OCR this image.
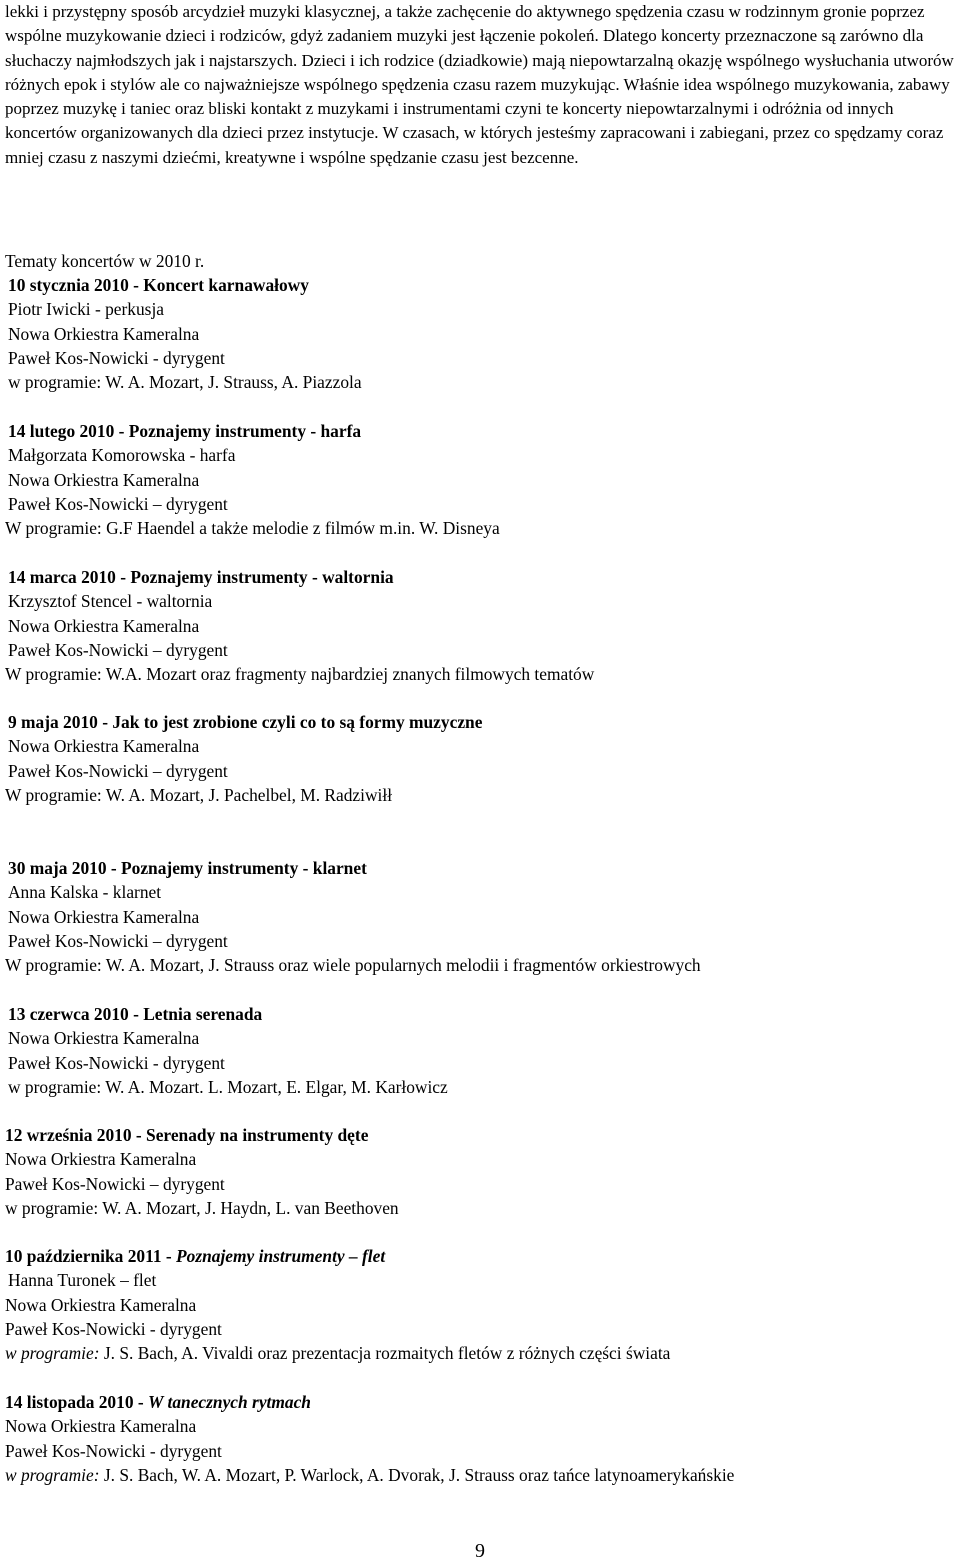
lekki i przystępny sposób arcydzieł muzyki klasycznej, a także zachęcenie do aktywnego spędzenia czasu w rodzinnym gronie poprzez wspólne muzykowanie dzieci i rodziców, gdyż zadaniem muzyki jest łączenie pokoleń. Dlatego koncerty przeznaczone są zarówno dla słuchaczy najmłodszych jak i najstarszych. Dzieci i ich rodzice (dziadkowie) mają niepowtarzalną okazję wspólnego wysłuchania utworów różnych epok i stylów ale co najważniejsze wspólnego spędzenia czasu razem muzykując. Właśnie idea wspólnego muzykowania, zabawy poprzez muzykę i taniec oraz bliski kontakt z muzykami i instrumentami czyni te koncerty niepowtarzalnymi i odróżnia od innych koncertów organizowanych dla dzieci przez instytucje. W czasach, w których jesteśmy zapracowani i zabiegani, przez co spędzamy coraz mniej czasu z naszymi dziećmi, kreatywne i wspólne spędzanie czasu jest bezcenne.

Tematy koncertów w 2010 r.
10 stycznia 2010 - Koncert karnawałowy
Piotr Iwicki - perkusja
Nowa Orkiestra Kameralna
Paweł Kos-Nowicki - dyrygent
w programie: W. A. Mozart, J. Strauss, A. Piazzola
14 lutego 2010 - Poznajemy instrumenty - harfa
Małgorzata Komorowska - harfa
Nowa Orkiestra Kameralna
Paweł Kos-Nowicki – dyrygent
W programie: G.F Haendel a także melodie z filmów m.in. W. Disneya
14 marca 2010 - Poznajemy instrumenty - waltornia
Krzysztof Stencel - waltornia
Nowa Orkiestra Kameralna
Paweł Kos-Nowicki – dyrygent
W programie: W.A. Mozart oraz fragmenty najbardziej znanych filmowych tematów
9 maja 2010 - Jak to jest zrobione czyli co to są formy muzyczne
Nowa Orkiestra Kameralna
Paweł Kos-Nowicki – dyrygent
W programie: W. A. Mozart, J. Pachelbel, M. Radziwiłł
30 maja 2010 - Poznajemy instrumenty - klarnet
Anna Kalska - klarnet
Nowa Orkiestra Kameralna
Paweł Kos-Nowicki – dyrygent
W programie: W. A. Mozart, J. Strauss oraz wiele popularnych melodii i fragmentów orkiestrowych
13 czerwca 2010 - Letnia serenada
Nowa Orkiestra Kameralna
Paweł Kos-Nowicki - dyrygent
w programie: W. A. Mozart. L. Mozart, E. Elgar, M. Karłowicz
12 września 2010 - Serenady na instrumenty dęte
Nowa Orkiestra Kameralna
Paweł Kos-Nowicki – dyrygent
w programie: W. A. Mozart, J. Haydn, L. van Beethoven
10 października 2011 - Poznajemy instrumenty – flet
Hanna Turonek – flet
Nowa Orkiestra Kameralna
Paweł Kos-Nowicki - dyrygent
w programie: J. S. Bach, A. Vivaldi oraz prezentacja rozmaitych fletów z różnych części świata
14 listopada 2010 - W tanecznych rytmach
Nowa Orkiestra Kameralna
Paweł Kos-Nowicki - dyrygent
w programie: J. S. Bach, W. A. Mozart, P. Warlock, A. Dvorak, J. Strauss oraz tańce latynoamerykańskie
9
